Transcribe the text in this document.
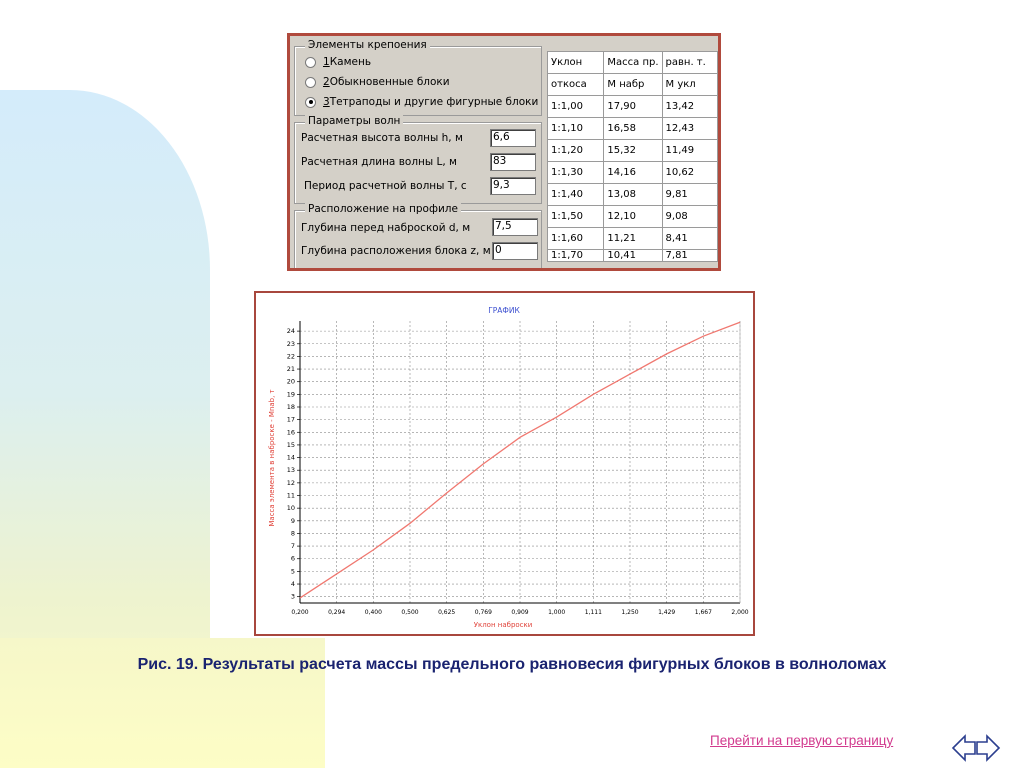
Элементы крепоения
1 Камень
2 Обыкновенные блоки
3 Тетраподы и другие фигурные блоки
Параметры волн
Расчетная высота волны h, м	6,6
Расчетная длина волны L, м	83
Период расчетной волны T, с	9,3
Расположение на профиле
Глубина перед наброской d, м 7,5
Глубина расположения блока z, м 0
Уклон	Масса пр.	равн. т.
откоса	М набр	М укл
1:1,00	17,90	13,42
1:1,10	16,58	12,43
1:1,20	15,32	11,49
1:1,30	14,16	10,62
1:1,40	13,08	9,81
1:1,50	12,10	9,08
1:1,60	11,21	8,41
1:1,70	10,41	7,81
ГРАФИК
0,200	0,294	0,400	0,500	0,625	0,769	0,909	1,000	1,111	1,250	1,429	1,667	2,000
3
4
5
6
7
8
9
10
11
12
13
14
15
16
17
18
19
20
21
22
23
24
Уклон наброски
Масса элемента в наброске - Мnab, т
Рис. 19. Результаты расчета массы предельного равновесия фигурных блоков в волноломах
Перейти на первую страницу
